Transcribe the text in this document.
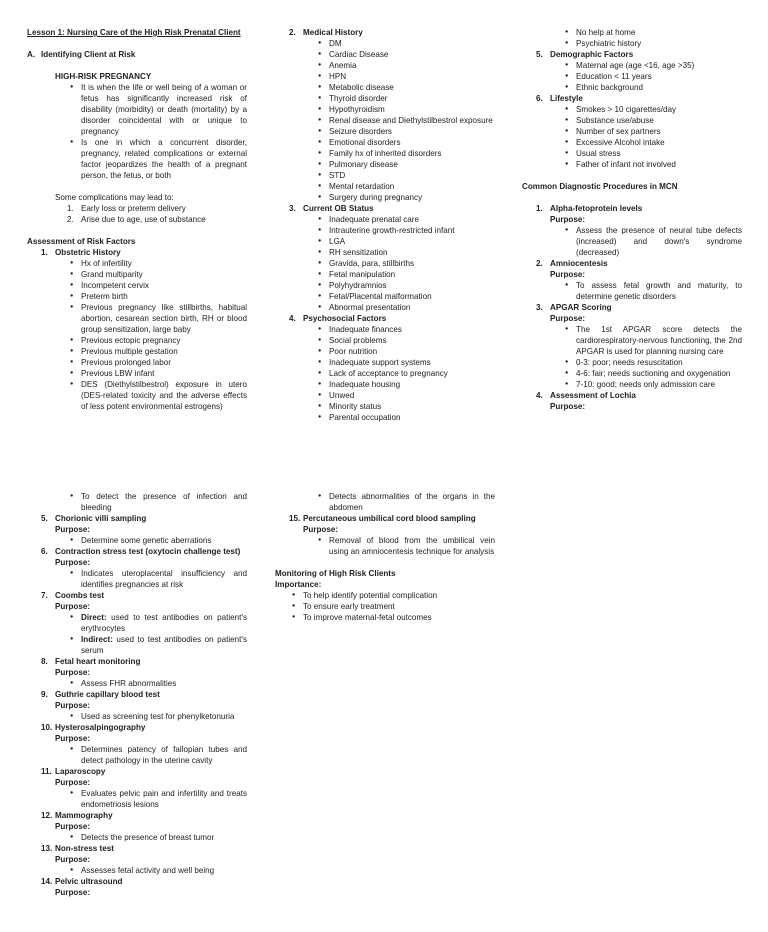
Lesson 1: Nursing Care of the High Risk Prenatal Client
A. Identifying Client at Risk
HIGH-RISK PREGNANCY
● It is when the life or well being of a woman or fetus has significantly increased risk of disability (morbidity) or death (mortality) by a disorder coincidental with or unique to pregnancy
● Is one in which a concurrent disorder, pregnancy, related complications or external factor jeopardizes the health of a pregnant person, the fetus, or both
Some complications may lead to:
1. Early loss or preterm delivery
2. Arise due to age, use of substance
Assessment of Risk Factors
1. Obstetric History
● Hx of infertility
● Grand multiparity
● Incompetent cervix
● Preterm birth
● Previous pregnancy like stillbirths, habitual abortion, cesarean section birth, RH or blood group sensitization, large baby
● Previous ectopic pregnancy
● Previous multiple gestation
● Previous prolonged labor
● Previous LBW infant
● DES (Diethylstilbestrol) exposure in utero (DES-related toxicity and the adverse effects of less potent environmental estrogens)
2. Medical History
● DM
● Cardiac Disease
● Anemia
● HPN
● Metabolic disease
● Thyroid disorder
● Hypothyroidism
● Renal disease and Diethylstilbestrol exposure
● Seizure disorders
● Emotional disorders
● Family hx of inherited disorders
● Pulmonary disease
● STD
● Mental retardation
● Surgery during pregnancy
3. Current OB Status
● Inadequate prenatal care
● Intrauterine growth-restricted infant
● LGA
● RH sensitization
● Gravida, para, stillbirths
● Fetal manipulation
● Polyhydramnios
● Fetal/Placental malformation
● Abnormal presentation
4. Psychosocial Factors
● Inadequate finances
● Social problems
● Poor nutrition
● Inadequate support systems
● Lack of acceptance to pregnancy
● Inadequate housing
● Unwed
● Minority status
● Parental occupation
● No help at home
● Psychiatric history
5. Demographic Factors
● Maternal age (age <16, age >35)
● Education < 11 years
● Ethnic background
6. Lifestyle
● Smokes > 10 cigarettes/day
● Substance use/abuse
● Number of sex partners
● Excessive Alcohol intake
● Usual stress
● Father of infant not involved
Common Diagnostic Procedures in MCN
1. Alpha-fetoprotein levels
Purpose:
● Assess the presence of neural tube defects (increased) and down's syndrome (decreased)
2. Amniocentesis
Purpose:
● To assess fetal growth and maturity, to determine genetic disorders
3. APGAR Scoring
Purpose:
● The 1st APGAR score detects the cardiorespiratory-nervous functioning, the 2nd APGAR is used for planning nursing care
● 0-3: poor; needs resuscitation
● 4-6: fair; needs suctioning and oxygenation
● 7-10: good; needs only admission care
4. Assessment of Lochia
Purpose:
● To detect the presence of infection and bleeding
5. Chorionic villi sampling
Purpose:
● Determine some genetic aberrations
6. Contraction stress test (oxytocin challenge test)
Purpose:
● Indicates uteroplacental insufficiency and identifies pregnancies at risk
7. Coombs test
Purpose:
● Direct: used to test antibodies on patient's erythrocytes
● Indirect: used to test antibodies on patient's serum
8. Fetal heart monitoring
Purpose:
● Assess FHR abnormalities
9. Guthrie capillary blood test
Purpose:
● Used as screening test for phenylketonuria
10. Hysterosalpingography
Purpose:
● Determines patency of fallopian tubes and detect pathology in the uterine cavity
11. Laparoscopy
Purpose:
● Evaluates pelvic pain and infertility and treats endometriosis lesions
12. Mammography
Purpose:
● Detects the presence of breast tumor
13. Non-stress test
Purpose:
● Assesses fetal activity and well being
14. Pelvic ultrasound
Purpose:
● Detects abnormalities of the organs in the abdomen
15. Percutaneous umbilical cord blood sampling
Purpose:
● Removal of blood from the umbilical vein using an amniocentesis technique for analysis
Monitoring of High Risk Clients
Importance:
● To help identify potential complication
● To ensure early treatment
● To improve maternal-fetal outcomes
